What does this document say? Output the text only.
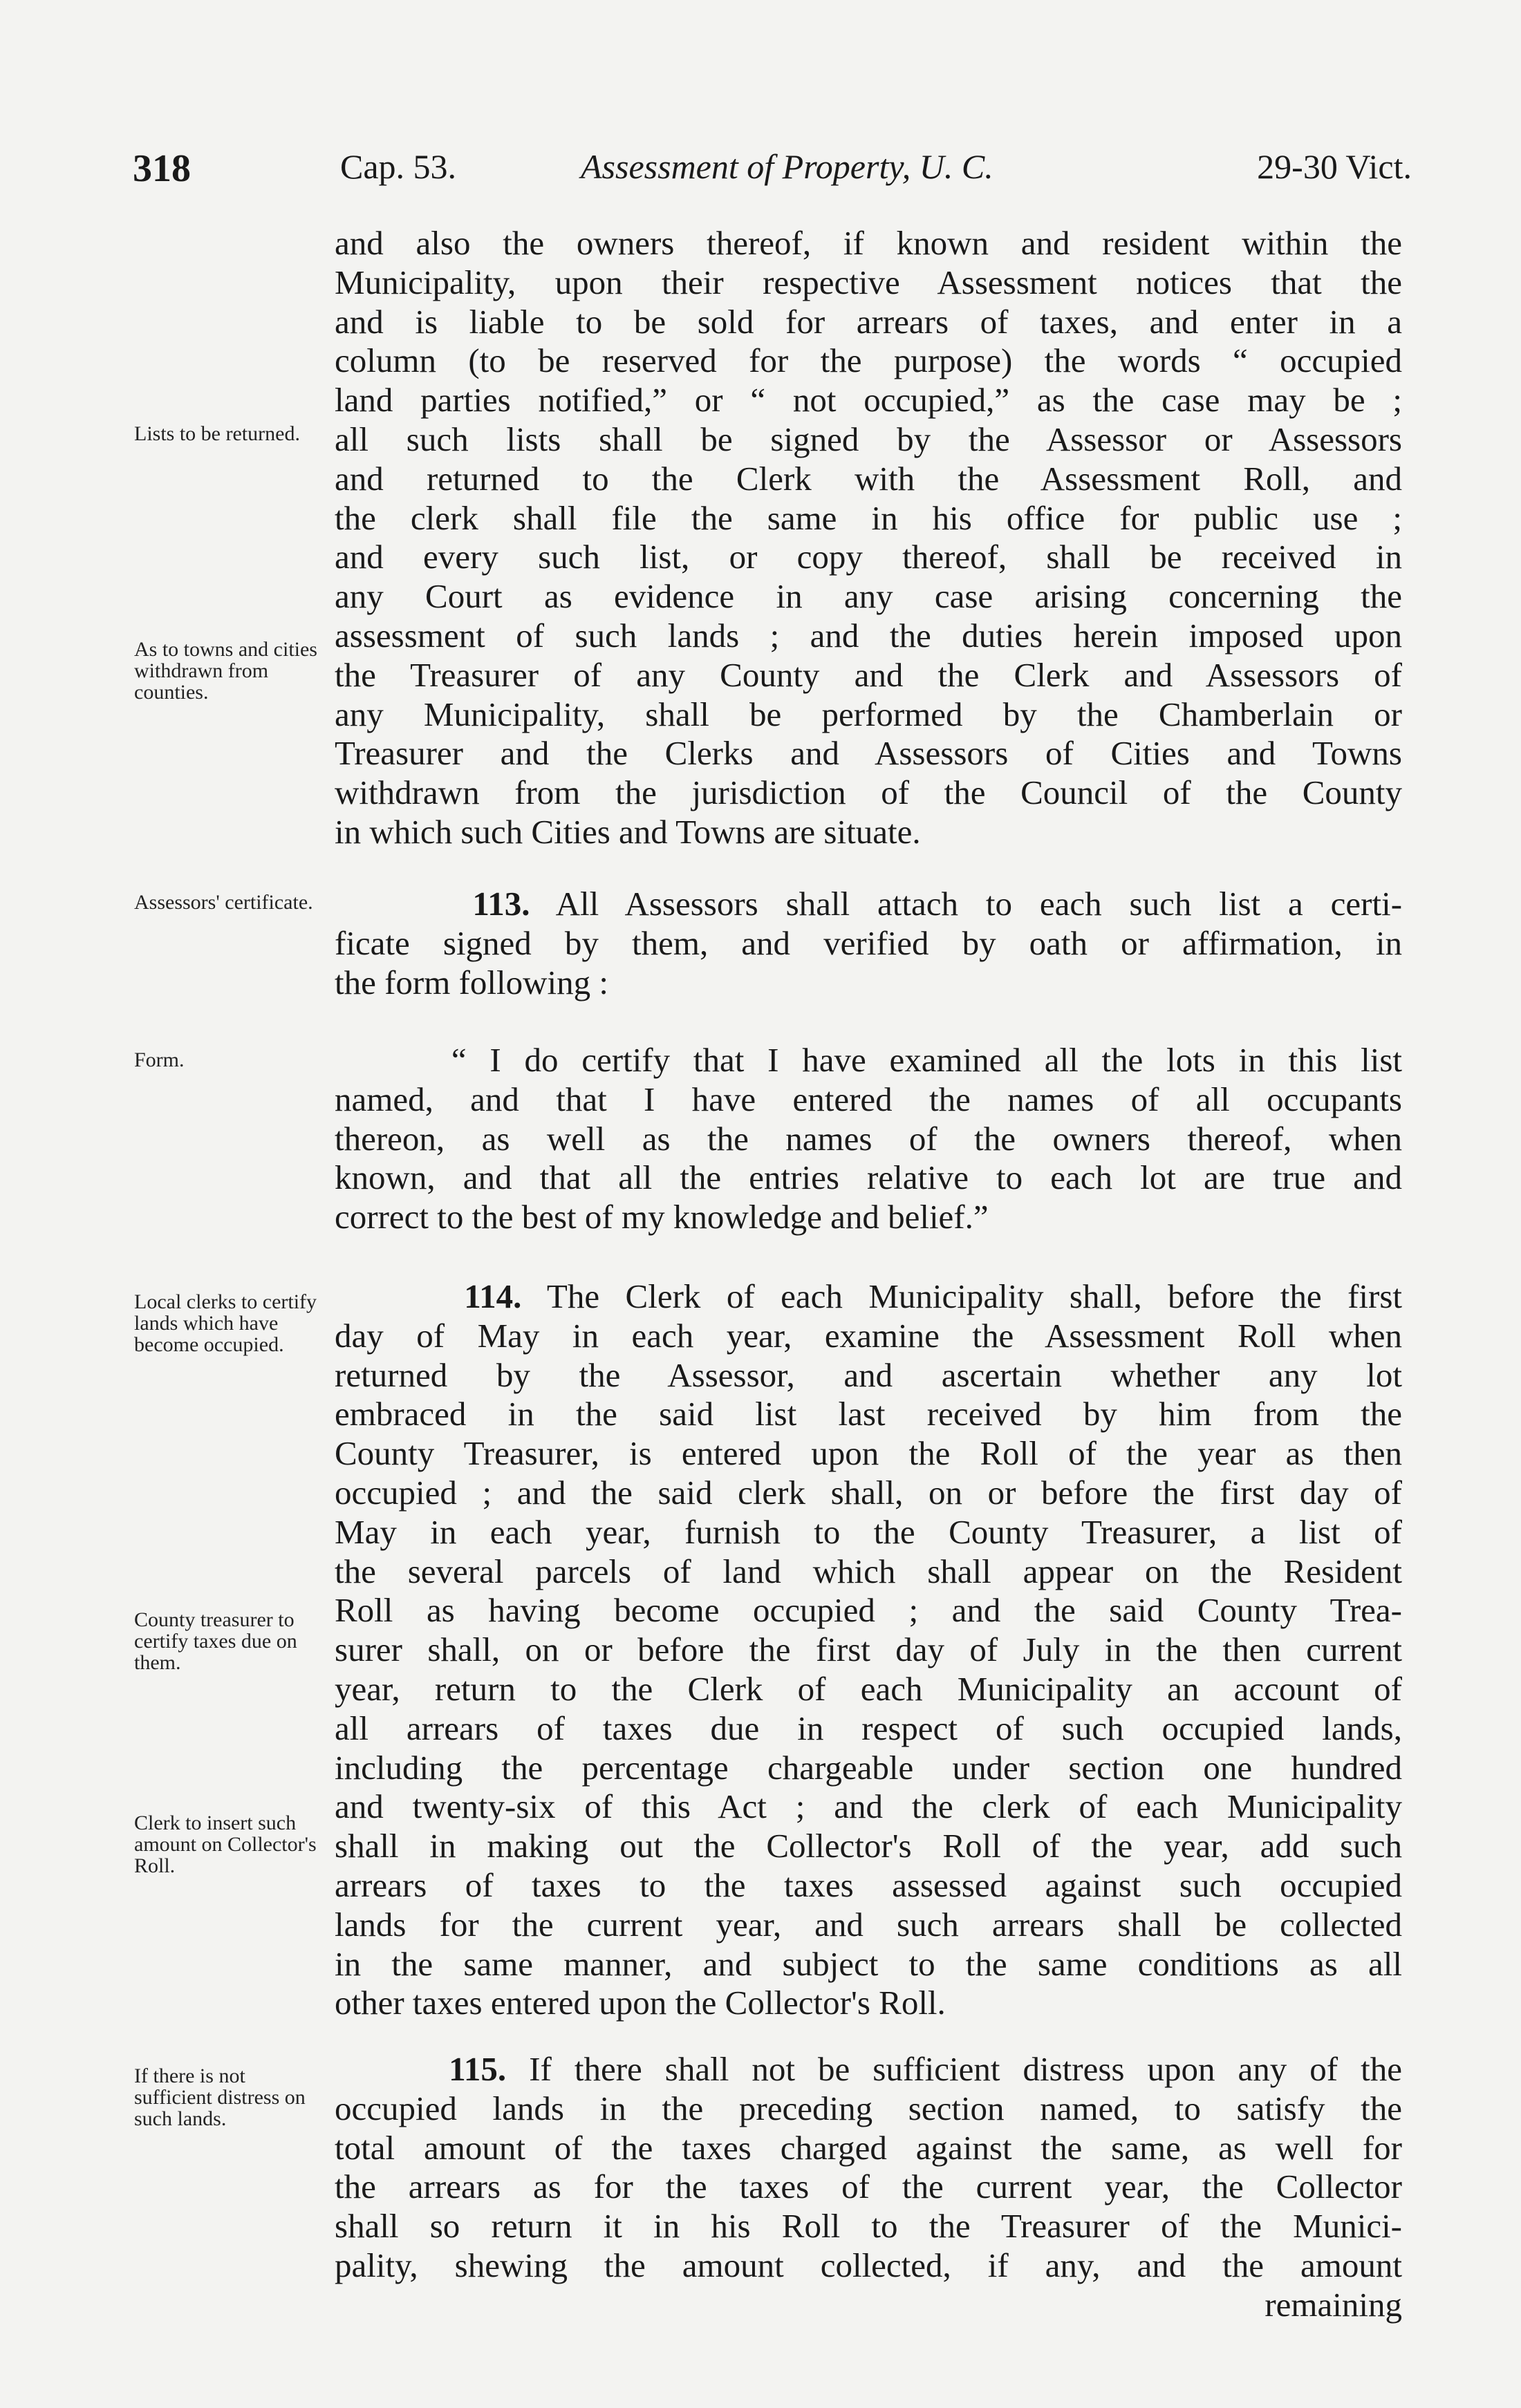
318	Cap. 53.	Assessment of Property, U. C.	29-30 Vict.
Lists to be returned.
As to towns and cities withdrawn from counties.
Assessors' certificate.
Form.
Local clerks to certify lands which have become occupied.
County treasurer to certify taxes due on them.
Clerk to insert such amount on Collector's Roll.
If there is not sufficient distress on such lands.
and also the owners thereof, if known and resident within the
Municipality, upon their respective Assessment notices that the
and is liable to be sold for arrears of taxes, and enter in a
column (to be reserved for the purpose) the words “ occupied
land parties notified,” or “ not occupied,” as the case may be ;
all such lists shall be signed by the Assessor or Assessors
and returned to the Clerk with the Assessment Roll, and
the clerk shall file the same in his office for public use ;
and every such list, or copy thereof, shall be received in
any Court as evidence in any case arising concerning the
assessment of such lands ; and the duties herein imposed upon
the Treasurer of any County and the Clerk and Assessors of
any Municipality, shall be performed by the Chamberlain or
Treasurer and the Clerks and Assessors of Cities and Towns
withdrawn from the jurisdiction of the Council of the County
in which such Cities and Towns are situate.
113. All Assessors shall attach to each such list a certi-
ficate signed by them, and verified by oath or affirmation, in
the form following :
“ I do certify that I have examined all the lots in this list
named, and that I have entered the names of all occupants
thereon, as well as the names of the owners thereof, when
known, and that all the entries relative to each lot are true and
correct to the best of my knowledge and belief.”
114. The Clerk of each Municipality shall, before the first
day of May in each year, examine the Assessment Roll when
returned by the Assessor, and ascertain whether any lot
embraced in the said list last received by him from the
County Treasurer, is entered upon the Roll of the year as then
occupied ; and the said clerk shall, on or before the first day of
May in each year, furnish to the County Treasurer, a list of
the several parcels of land which shall appear on the Resident
Roll as having become occupied ; and the said County Trea-
surer shall, on or before the first day of July in the then current
year, return to the Clerk of each Municipality an account of
all arrears of taxes due in respect of such occupied lands,
including the percentage chargeable under section one hundred
and twenty-six of this Act ; and the clerk of each Municipality
shall in making out the Collector's Roll of the year, add such
arrears of taxes to the taxes assessed against such occupied
lands for the current year, and such arrears shall be collected
in the same manner, and subject to the same conditions as all
other taxes entered upon the Collector's Roll.
115. If there shall not be sufficient distress upon any of the
occupied lands in the preceding section named, to satisfy the
total amount of the taxes charged against the same, as well for
the arrears as for the taxes of the current year, the Collector
shall so return it in his Roll to the Treasurer of the Munici-
pality, shewing the amount collected, if any, and the amount
remaining
